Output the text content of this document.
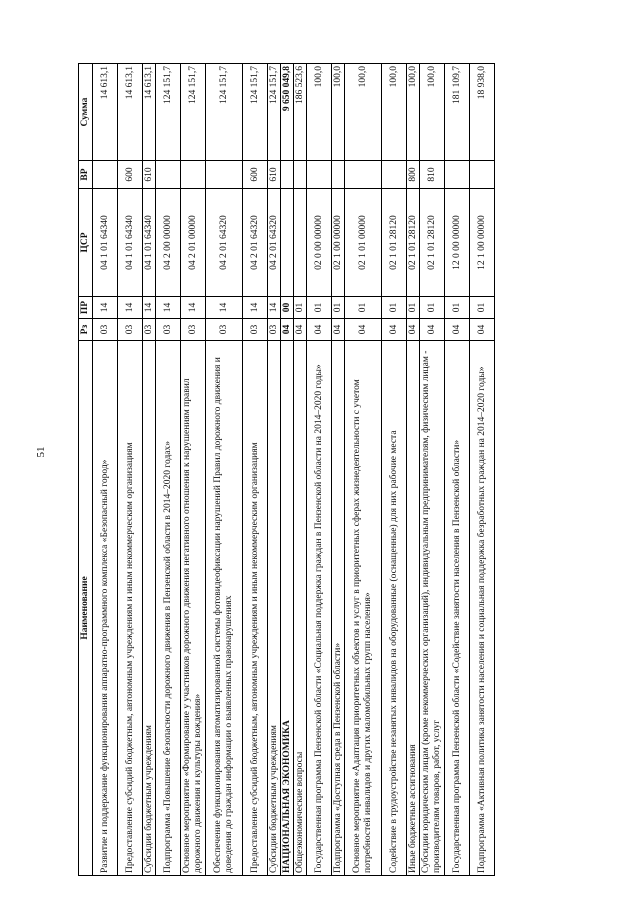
51
Наименование	Рз	ПР	ЦСР	ВР	Сумма
Развитие и поддержание функционирования аппаратно-программного комплекса «Безопасный город»	03	14	04 1 01 64340		14 613,1
Предоставление субсидий бюджетным, автономным учреждениям и иным некоммерческим организациям	03	14	04 1 01 64340	600	14 613,1
Субсидии бюджетным учреждениям	03	14	04 1 01 64340	610	14 613,1
Подпрограмма «Повышение безопасности дорожного движения в Пензенской области в 2014–2020 годах»	03	14	04 2 00 00000		124 151,7
Основное мероприятие «Формирование у участников дорожного движения негативного отношения к нарушениям правил дорожного движения и культуры вождения»	03	14	04 2 01 00000		124 151,7
Обеспечение функционирования автоматизированной системы фотовидеофиксации нарушений Правил дорожного движения и доведения до граждан информации о выявленных правонарушениях	03	14	04 2 01 64320		124 151,7
Предоставление субсидий бюджетным, автономным учреждениям и иным некоммерческим организациям	03	14	04 2 01 64320	600	124 151,7
Субсидии бюджетным учреждениям	03	14	04 2 01 64320	610	124 151,7
НАЦИОНАЛЬНАЯ ЭКОНОМИКА	04	00			9 650 049,8
Общеэкономические вопросы	04	01			186 523,6
Государственная программа Пензенской области «Социальная поддержка граждан в Пензенской области на 2014–2020 годы»	04	01	02 0 00 00000		100,0
Подпрограмма «Доступная среда в Пензенской области»	04	01	02 1 00 00000		100,0
Основное мероприятие «Адаптация приоритетных объектов и услуг в приоритетных сферах жизнедеятельности с учетом потребностей инвалидов и других маломобильных групп населения»	04	01	02 1 01 00000		100,0
Содействие в трудоустройстве незанятых инвалидов на оборудованные (оснащенные) для них рабочие места	04	01	02 1 01 28120		100,0
Иные бюджетные ассигнования	04	01	02 1 01 28120	800	100,0
Субсидии юридическим лицам (кроме некоммерческих организаций), индивидуальным предпринимателям, физическим лицам - производителям товаров, работ, услуг	04	01	02 1 01 28120	810	100,0
Государственная программа Пензенской области «Содействие занятости населения в Пензенской области»	04	01	12 0 00 00000		181 109,7
Подпрограмма «Активная политика занятости населения и социальная поддержка безработных граждан на 2014–2020 годы»	04	01	12 1 00 00000		18 938,0
